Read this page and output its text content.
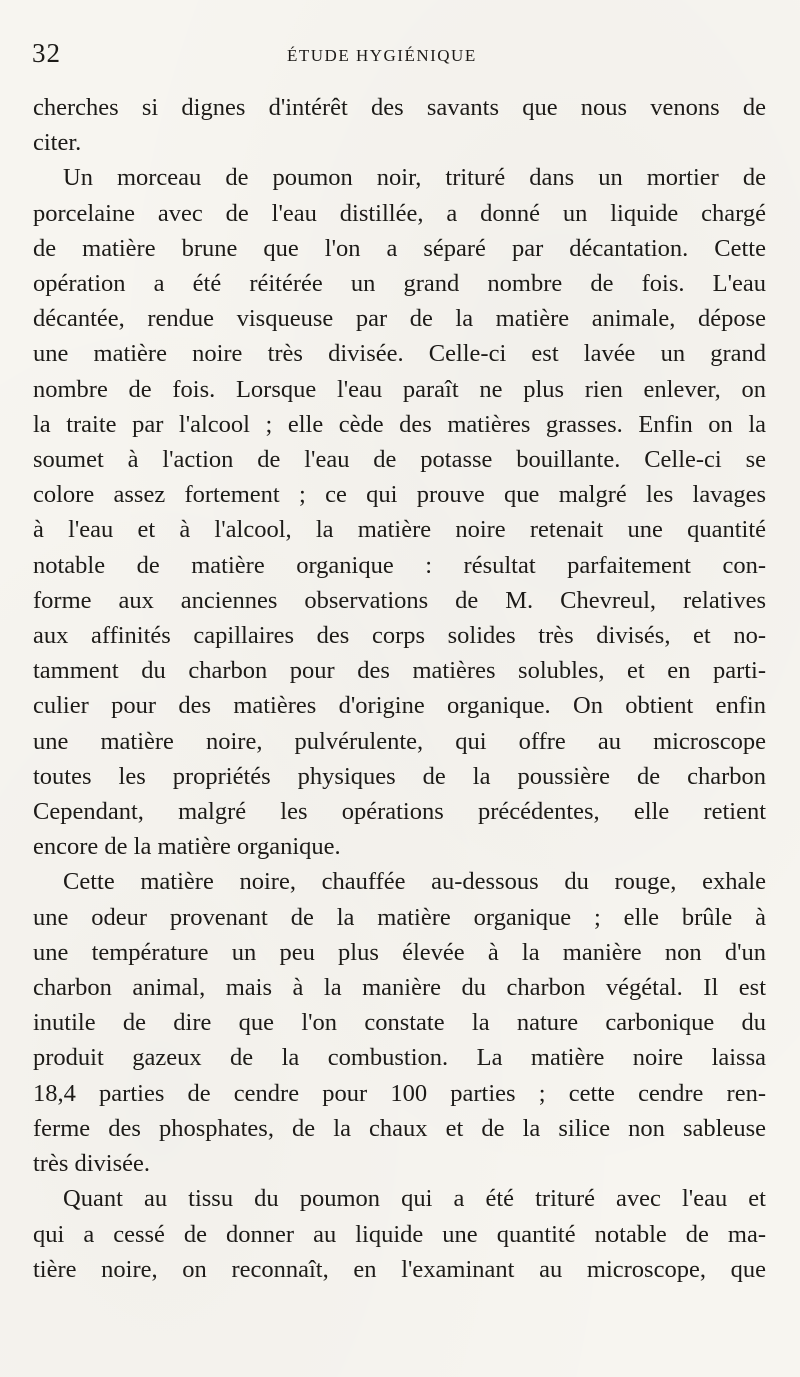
32	ÉTUDE HYGIÉNIQUE

cherches si dignes d'intérêt des savants que nous venons de
citer.

Un morceau de poumon noir, trituré dans un mortier de
porcelaine avec de l'eau distillée, a donné un liquide chargé
de matière brune que l'on a séparé par décantation. Cette
opération a été réitérée un grand nombre de fois. L'eau
décantée, rendue visqueuse par de la matière animale, dépose
une matière noire très divisée. Celle-ci est lavée un grand
nombre de fois. Lorsque l'eau paraît ne plus rien enlever, on
la traite par l'alcool ; elle cède des matières grasses. Enfin on la
soumet à l'action de l'eau de potasse bouillante. Celle-ci se
colore assez fortement ; ce qui prouve que malgré les lavages
à l'eau et à l'alcool, la matière noire retenait une quantité
notable de matière organique : résultat parfaitement con-
forme aux anciennes observations de M. Chevreul, relatives
aux affinités capillaires des corps solides très divisés, et no-
tamment du charbon pour des matières solubles, et en parti-
culier pour des matières d'origine organique. On obtient enfin
une matière noire, pulvérulente, qui offre au microscope
toutes les propriétés physiques de la poussière de charbon
Cependant, malgré les opérations précédentes, elle retient
encore de la matière organique.

Cette matière noire, chauffée au-dessous du rouge, exhale
une odeur provenant de la matière organique ; elle brûle à
une température un peu plus élevée à la manière non d'un
charbon animal, mais à la manière du charbon végétal. Il est
inutile de dire que l'on constate la nature carbonique du
produit gazeux de la combustion. La matière noire laissa
18,4 parties de cendre pour 100 parties ; cette cendre ren-
ferme des phosphates, de la chaux et de la silice non sableuse
très divisée.

Quant au tissu du poumon qui a été trituré avec l'eau et
qui a cessé de donner au liquide une quantité notable de ma-
tière noire, on reconnaît, en l'examinant au microscope, que
